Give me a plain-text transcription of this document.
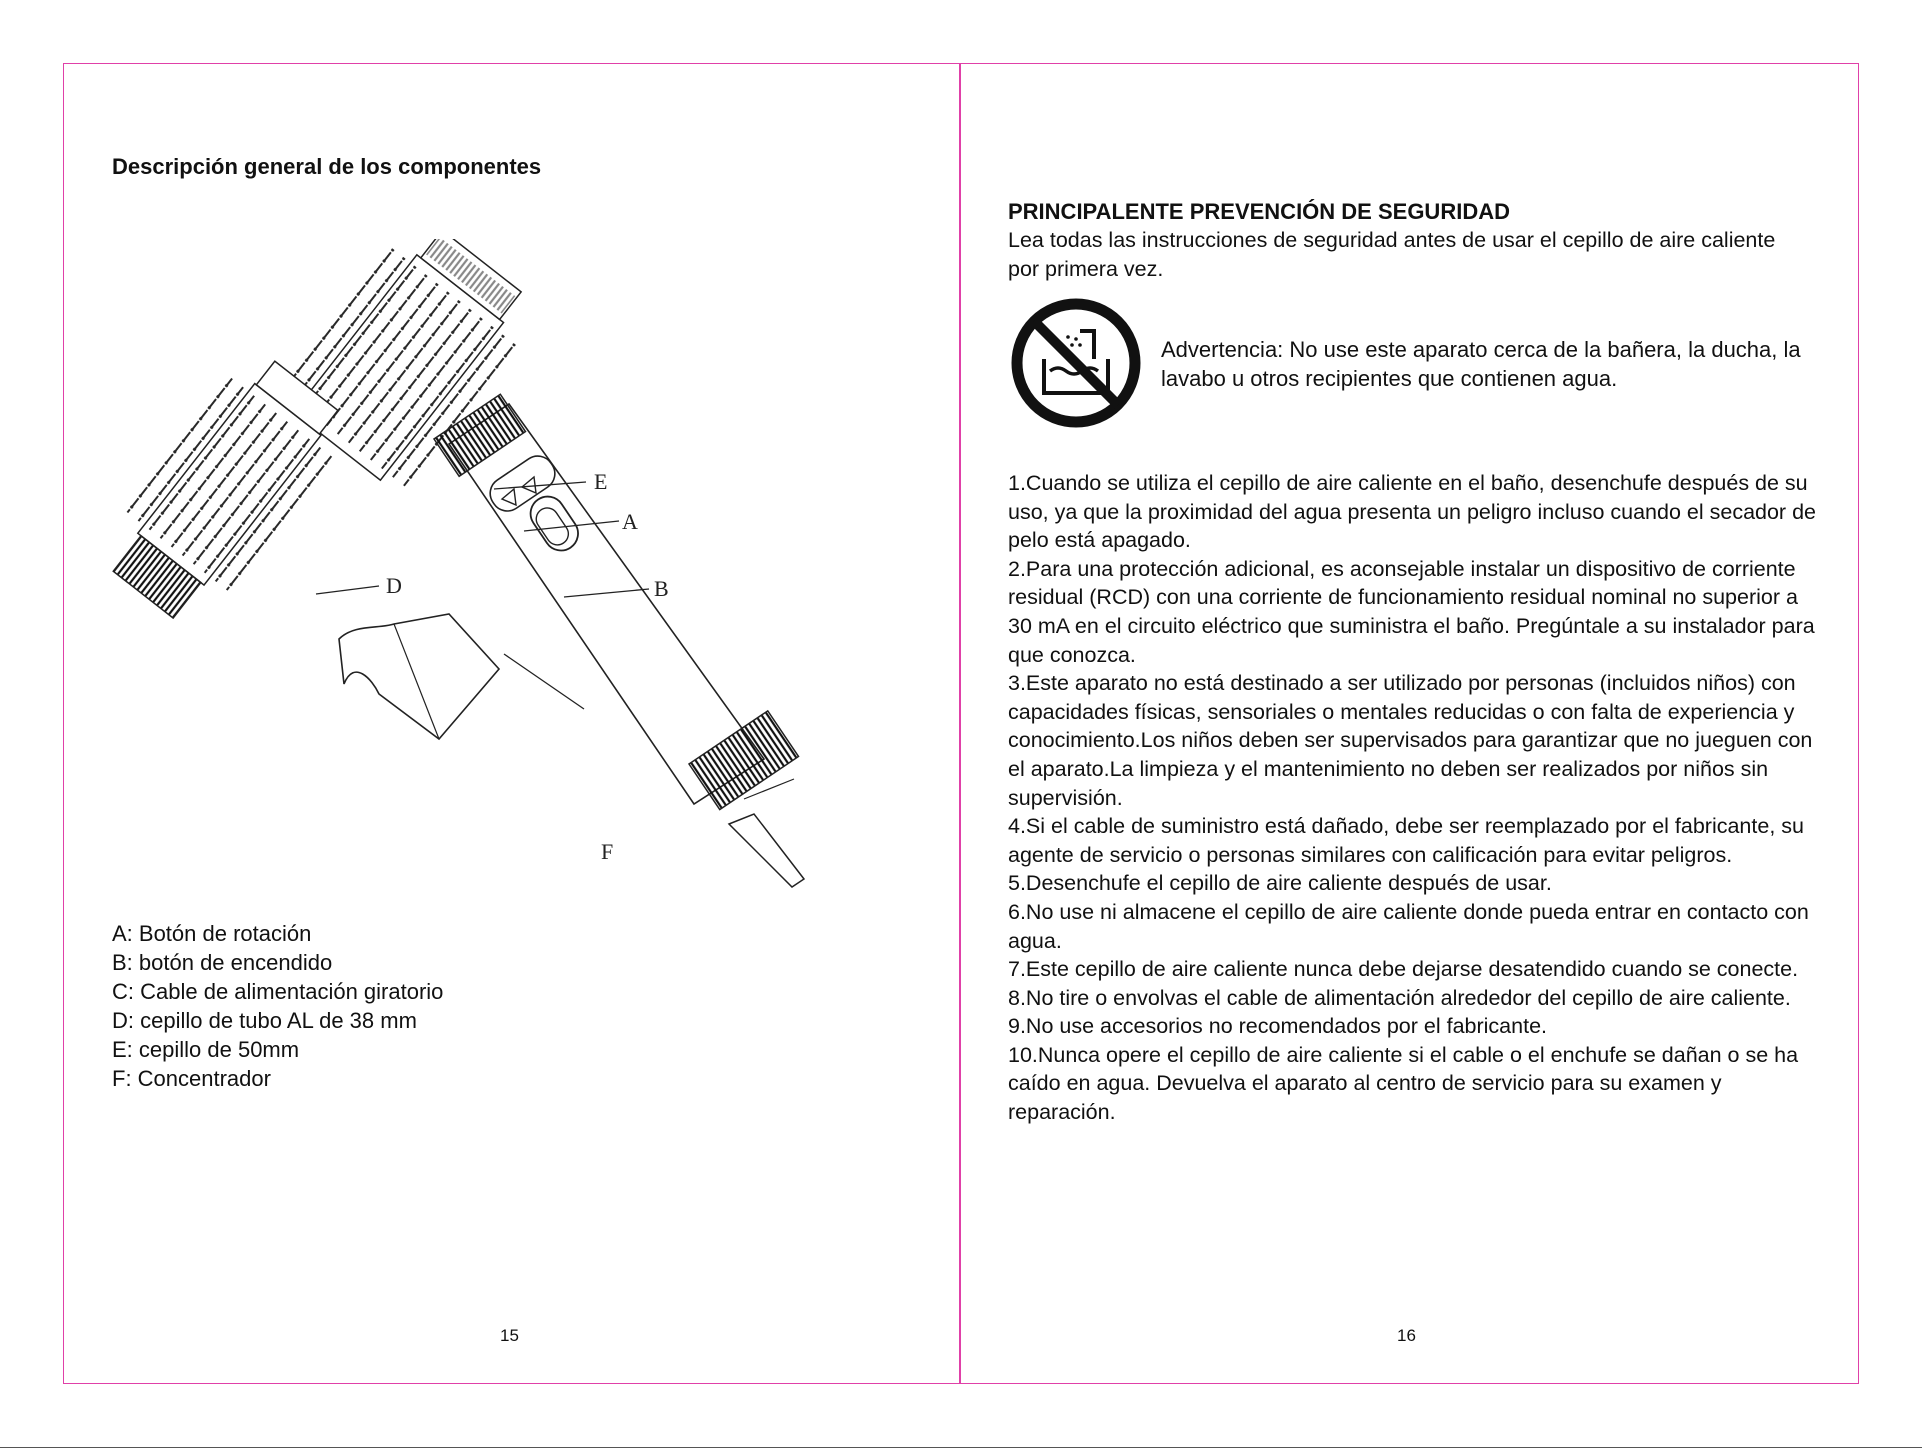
Descripción general de los componentes
E
A
D	B
F
A: Botón de rotación
B: botón de encendido
C: Cable de alimentación giratorio
D: cepillo de tubo AL de 38 mm
E: cepillo de 50mm
F: Concentrador
15
PRINCIPALENTE PREVENCIÓN DE SEGURIDAD
Lea todas las instrucciones de seguridad antes de usar el cepillo de aire caliente por primera vez.
Advertencia: No use este aparato cerca de la bañera, la ducha, la lavabo u otros recipientes que contienen agua.
1.Cuando se utiliza el cepillo de aire caliente en el baño, desenchufe después de su uso, ya que la proximidad del agua presenta un peligro incluso cuando el secador de pelo está apagado.
2.Para una protección adicional, es aconsejable instalar un dispositivo de corriente residual (RCD) con una corriente de funcionamiento residual nominal no superior a 30 mA en el circuito eléctrico que suministra el baño. Pregúntale a su instalador para que conozca.
3.Este aparato no está destinado a ser utilizado por personas (incluidos niños) con capacidades físicas, sensoriales o mentales reducidas o con falta de experiencia y conocimiento.Los niños deben ser supervisados para garantizar que no jueguen con el aparato.La limpieza y el mantenimiento no deben ser realizados por niños sin supervisión.
4.Si el cable de suministro está dañado, debe ser reemplazado por el fabricante, su agente de servicio o personas similares con calificación para evitar peligros.
5.Desenchufe el cepillo de aire caliente después de usar.
6.No use ni almacene el cepillo de aire caliente donde pueda entrar en contacto con agua.
7.Este cepillo de aire caliente nunca debe dejarse desatendido cuando se conecte.
8.No tire o envolvas el cable de alimentación alrededor del cepillo de aire caliente.
9.No use accesorios no recomendados por el fabricante.
10.Nunca opere el cepillo de aire caliente si el cable o el enchufe se dañan o se ha caído en agua. Devuelva el aparato al centro de servicio para su examen y reparación.
16
